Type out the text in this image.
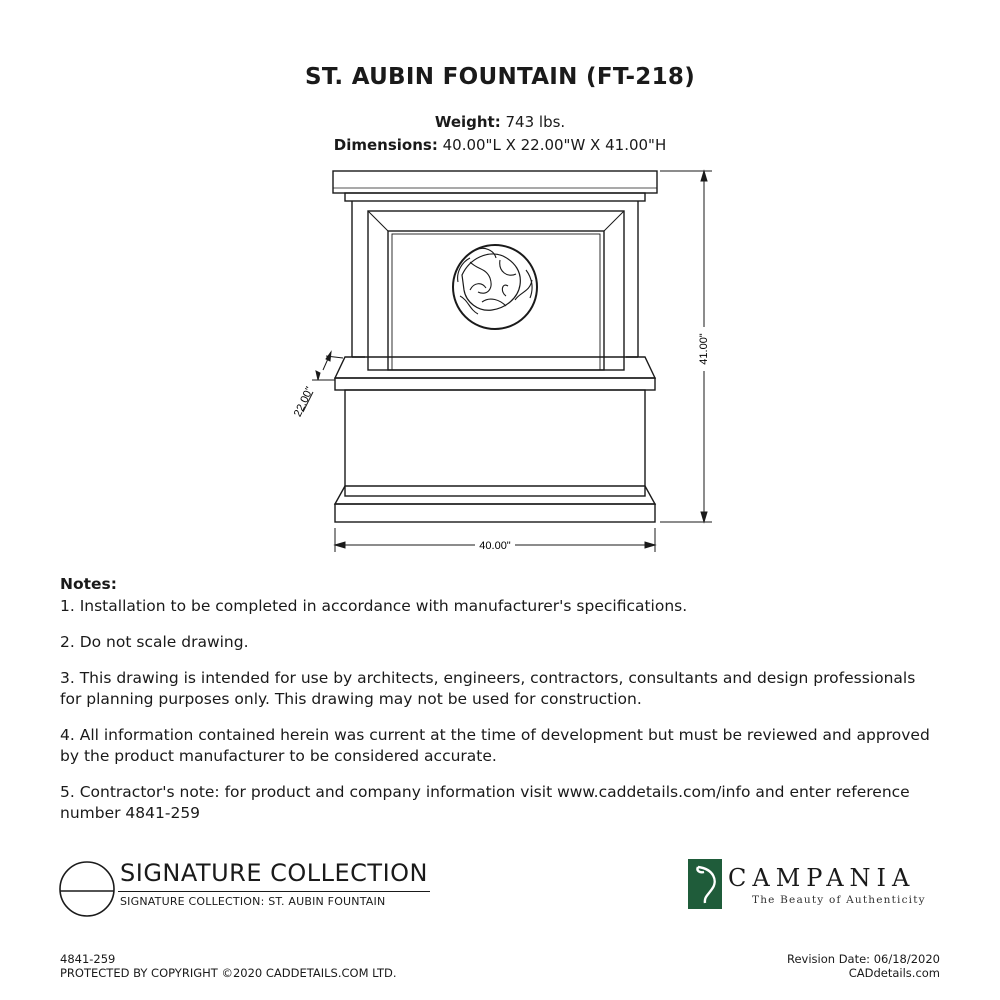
ST. AUBIN FOUNTAIN (FT-218)
Weight: 743 lbs.
Dimensions: 40.00"L X 22.00"W X 41.00"H
41.00"
40.00"
22.00"

Notes:

1. Installation to be completed in accordance with manufacturer's specifications.

2. Do not scale drawing.

3. This drawing is intended for use by architects, engineers, contractors, consultants and design professionals for planning purposes only. This drawing may not be used for construction.

4. All information contained herein was current at the time of development but must be reviewed and approved by the product manufacturer to be considered accurate.

5. Contractor's note: for product and company information visit www.caddetails.com/info and enter reference number 4841-259

SIGNATURE COLLECTION
SIGNATURE COLLECTION: ST. AUBIN FOUNTAIN
CAMPANIA
The Beauty of Authenticity
4841-259
PROTECTED BY COPYRIGHT ©2020 CADDETAILS.COM LTD.
Revision Date: 06/18/2020
CADdetails.com
